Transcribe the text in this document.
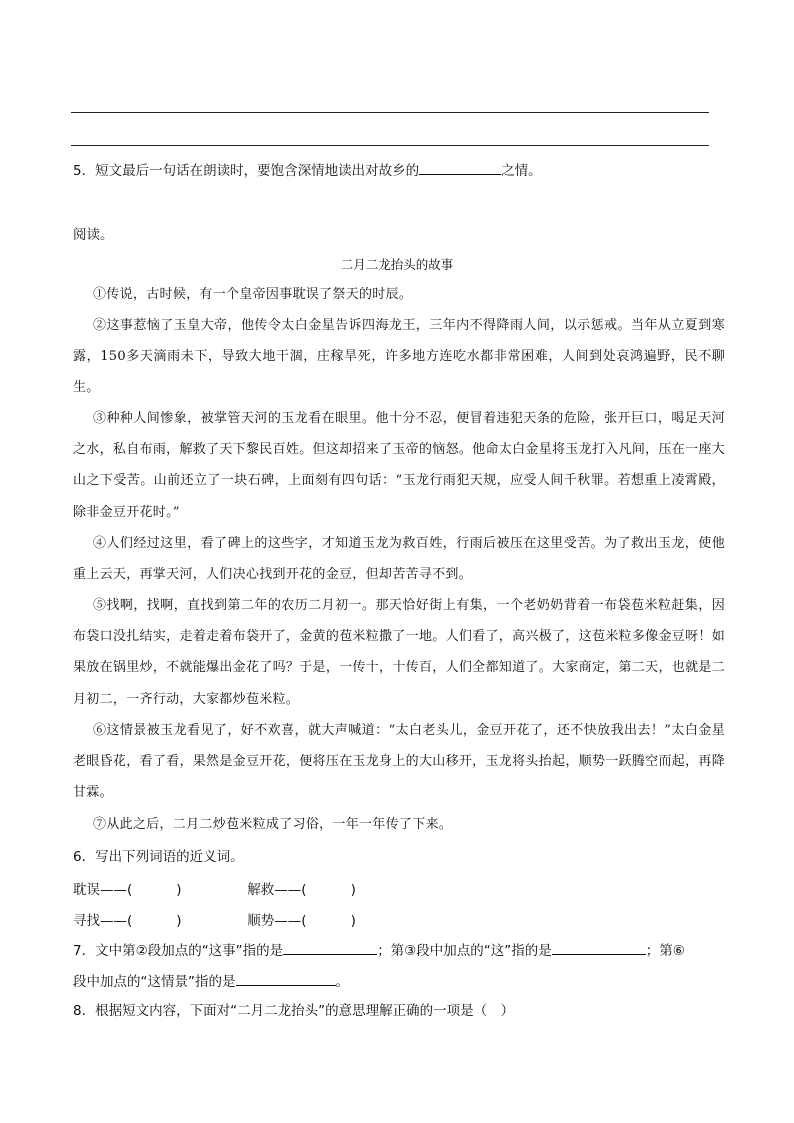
5．短文最后一句话在朗读时，要饱含深情地读出对故乡的	之情。
阅读。
二月二龙抬头的故事
①传说，古时候，有一个皇帝因事耽误了祭天的时辰。
②这事惹恼了玉皇大帝，他传令太白金星告诉四海龙王，三年内不得降雨人间，以示惩戒。当年从立夏到寒露，150多天滴雨未下，导致大地干涸，庄稼旱死，许多地方连吃水都非常困难，人间到处哀鸿遍野，民不聊生。
③种种人间惨象，被掌管天河的玉龙看在眼里。他十分不忍，便冒着违犯天条的危险，张开巨口，喝足天河之水，私自布雨，解救了天下黎民百姓。但这却招来了玉帝的恼怒。他命太白金星将玉龙打入凡间，压在一座大山之下受苦。山前还立了一块石碑，上面刻有四句话：“玉龙行雨犯天规，应受人间千秋罪。若想重上凌霄殿，除非金豆开花时。”
④人们经过这里，看了碑上的这些字，才知道玉龙为救百姓，行雨后被压在这里受苦。为了救出玉龙，使他重上云天，再掌天河，人们决心找到开花的金豆，但却苦苦寻不到。
⑤找啊，找啊，直找到第二年的农历二月初一。那天恰好街上有集，一个老奶奶背着一布袋苞米粒赶集，因布袋口没扎结实，走着走着布袋开了，金黄的苞米粒撒了一地。人们看了，高兴极了，这苞米粒多像金豆呀！如果放在锅里炒，不就能爆出金花了吗？于是，一传十，十传百，人们全都知道了。大家商定，第二天，也就是二月初二，一齐行动，大家都炒苞米粒。
⑥这情景被玉龙看见了，好不欢喜，就大声喊道：“太白老头儿，金豆开花了，还不快放我出去！”太白金星老眼昏花，看了看，果然是金豆开花，便将压在玉龙身上的大山移开，玉龙将头抬起，顺势一跃腾空而起，再降甘霖。
⑦从此之后，二月二炒苞米粒成了习俗，一年一年传了下来。
6．写出下列词语的近义词。
耽误——(	)	解救——(	)
寻找——(	)	顺势——(	)
7．文中第②段加点的“这事”指的是	；第③段中加点的“这”指的是	；第⑥
段中加点的“这情景”指的是	。
8．根据短文内容，下面对“二月二龙抬头”的意思理解正确的一项是（　）
